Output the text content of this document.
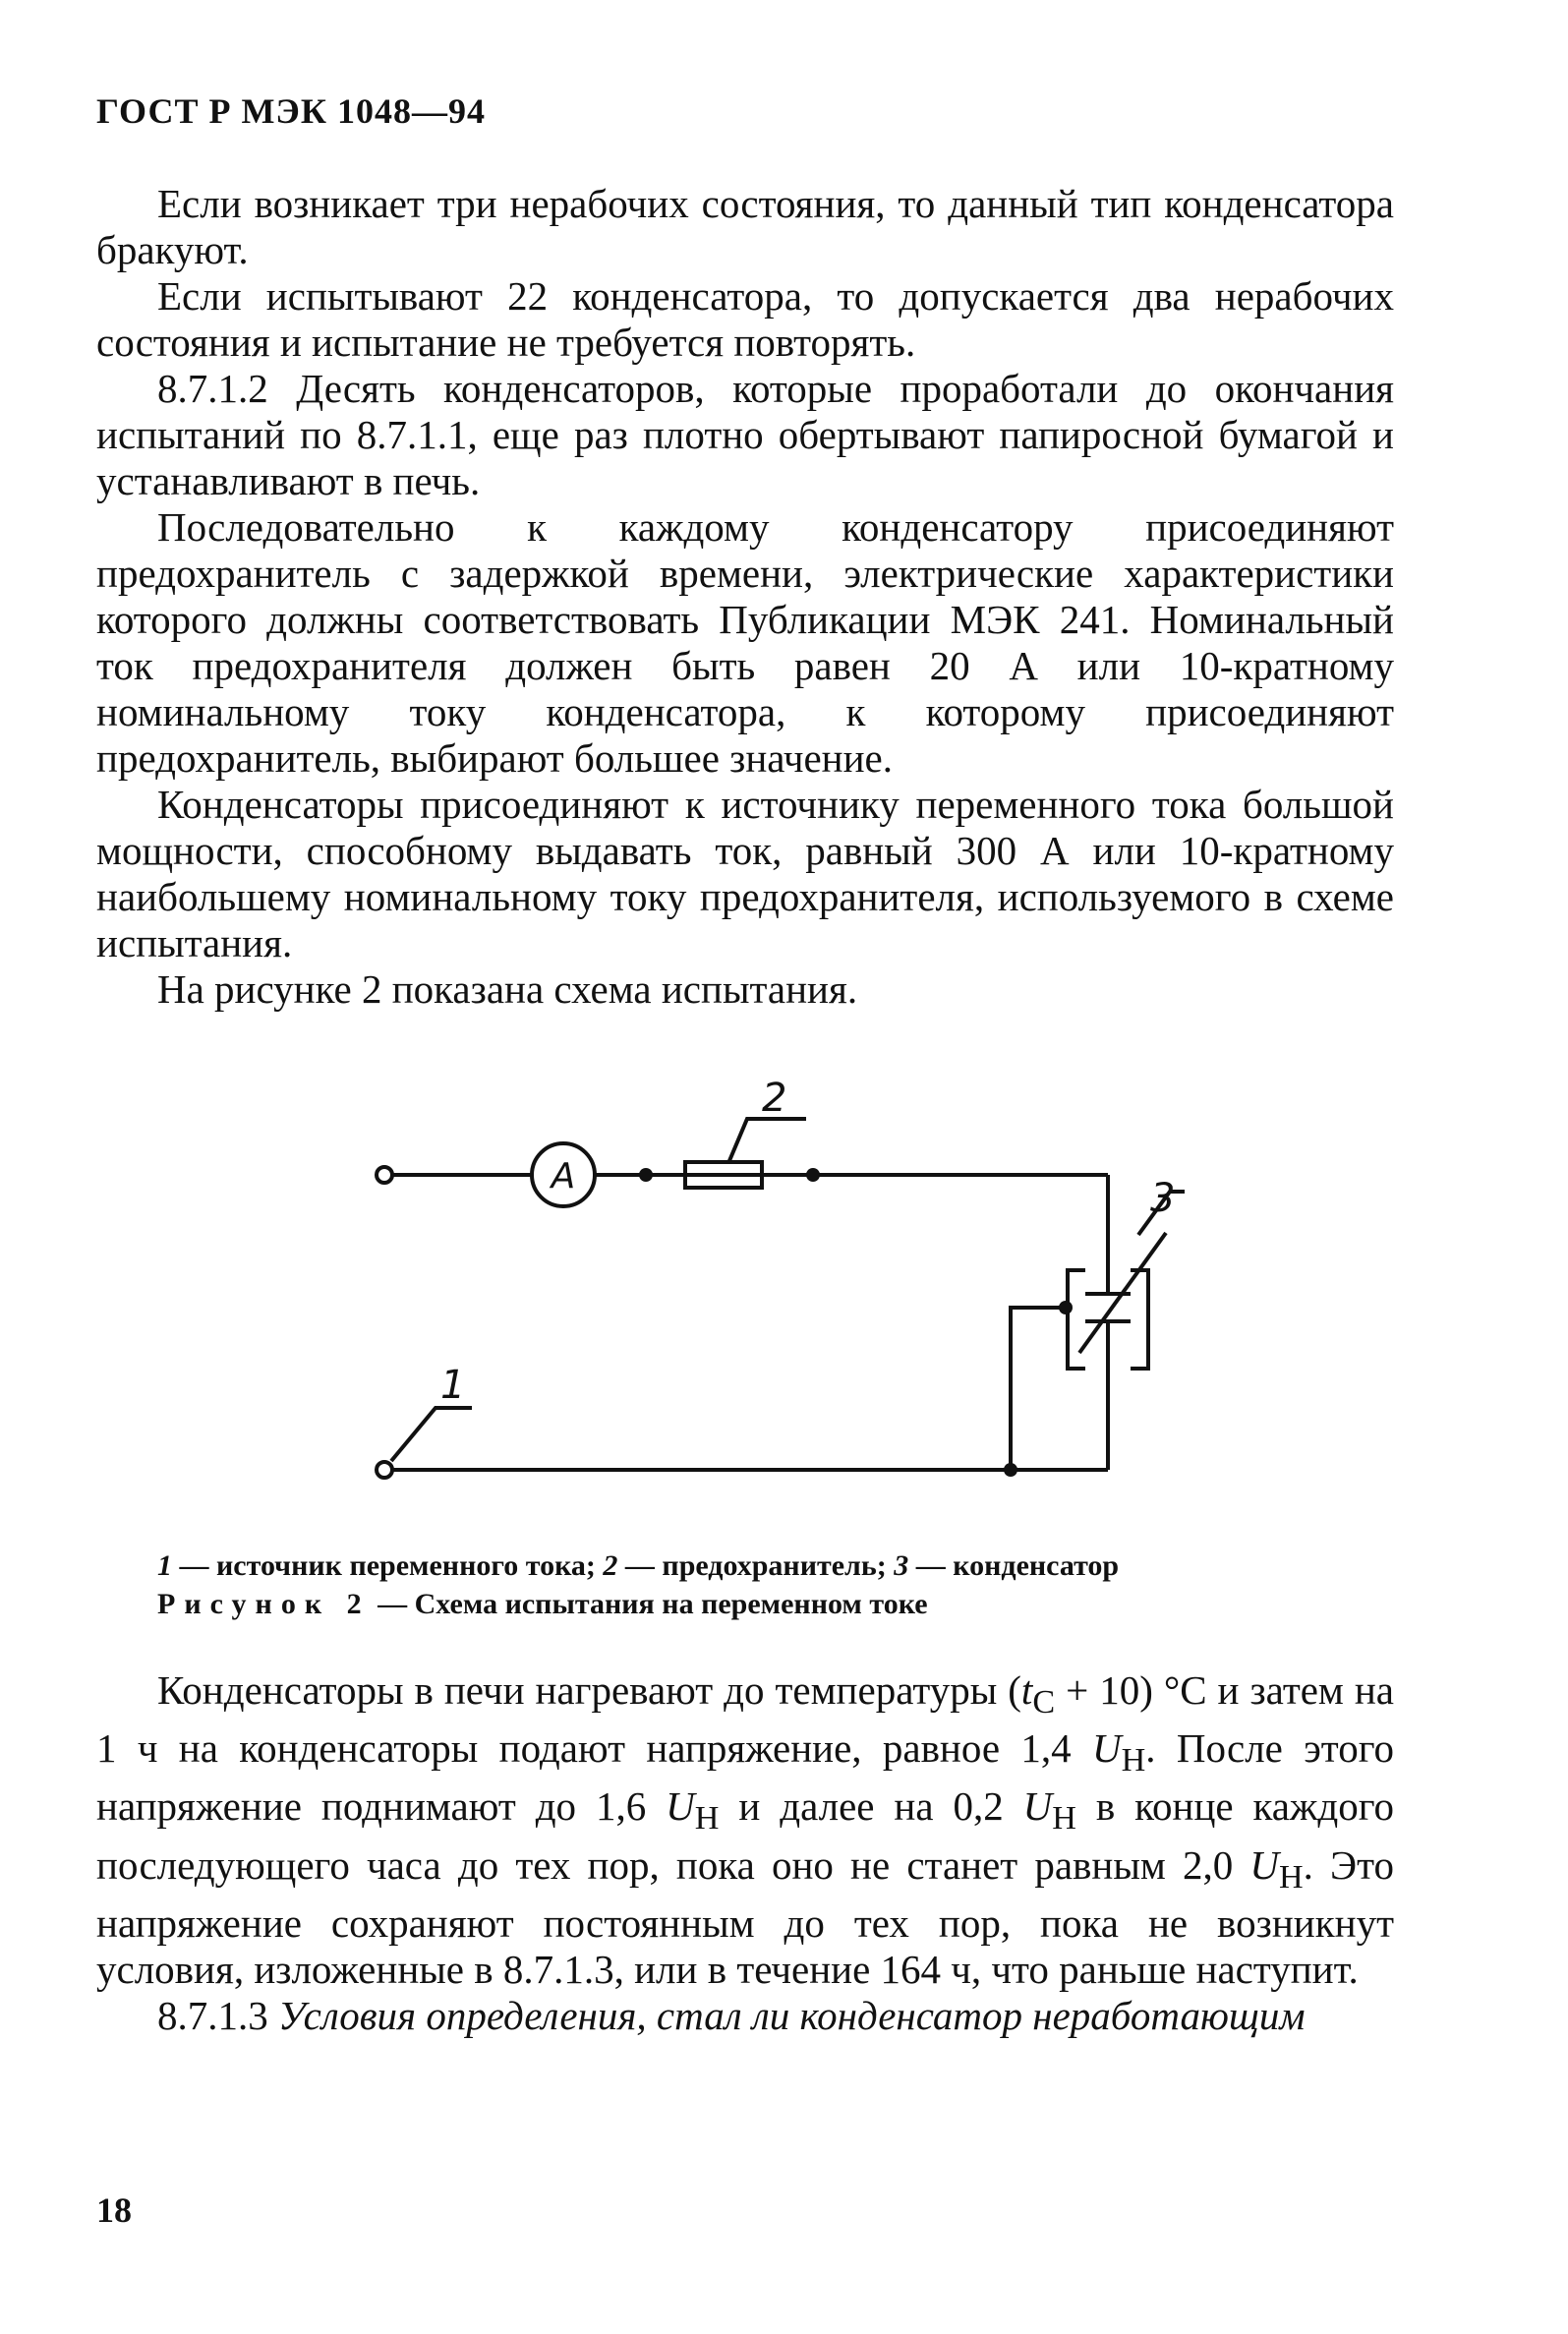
ГОСТ Р МЭК 1048—94

Если возникает три нерабочих состояния, то данный тип конденсатора бракуют.

Если испытывают 22 конденсатора, то допускается два нерабочих состояния и испытание не требуется повторять.

8.7.1.2 Десять конденсаторов, которые проработали до окончания испытаний по 8.7.1.1, еще раз плотно обертывают папиросной бумагой и устанавливают в печь.

Последовательно к каждому конденсатору присоединяют предохранитель с задержкой времени, электрические характеристики которого должны соответствовать Публикации МЭК 241. Номинальный ток предохранителя должен быть равен 20 А или 10-кратному номинальному току конденсатора, к которому присоединяют предохранитель, выбирают большее значение.

Конденсаторы присоединяют к источнику переменного тока большой мощности, способному выдавать ток, равный 300 А или 10-кратному наибольшему номинальному току предохранителя, используемого в схеме испытания.

На рисунке 2 показана схема испытания.

A
2
3
1
1 — источник переменного тока; 2 — предохранитель; 3 — конденсатор
Рисунок 2 — Схема испытания на переменном токе

Конденсаторы в печи нагревают до температуры $(t_С + 10)$ °С и затем на 1 ч на конденсаторы подают напряжение, равное 1,4 $U_Н$. После этого напряжение поднимают до 1,6 $U_Н$ и далее на 0,2 $U_Н$ в конце каждого последующего часа до тех пор, пока оно не станет равным 2,0 $U_Н$. Это напряжение сохраняют постоянным до тех пор, пока не возникнут условия, изложенные в 8.7.1.3, или в течение 164 ч, что раньше наступит.

8.7.1.3 Условия определения, стал ли конденсатор неработающим

18
